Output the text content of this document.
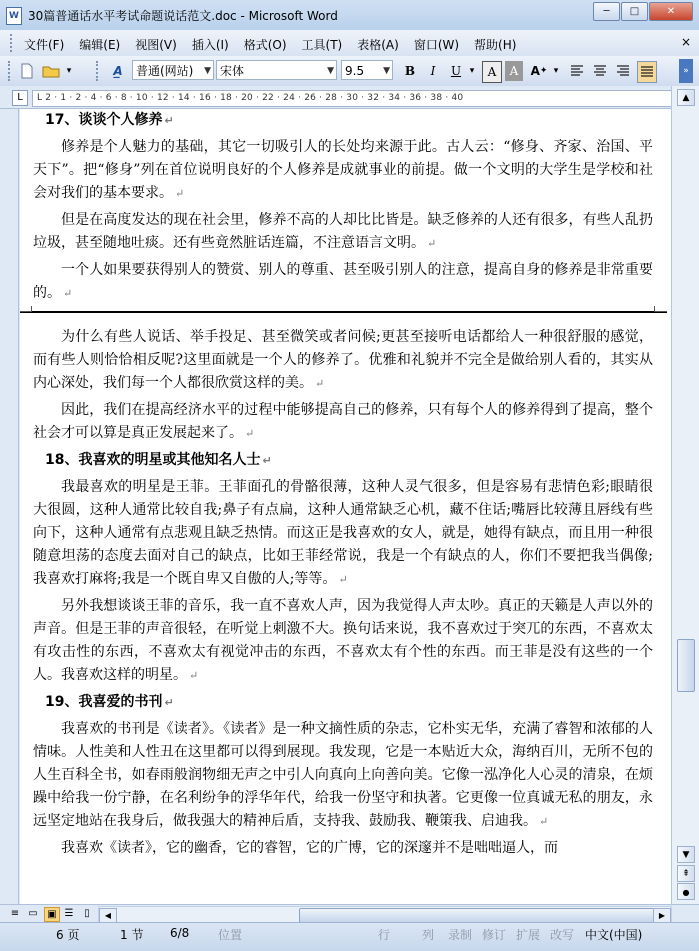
W 30篇普通话水平考试命题说话范文.doc - Microsoft Word	─	□	✕
文件(F) 编辑(E) 视图(V) 插入(I) 格式(O) 工具(T) 表格(A) 窗口(W) 帮助(H)	×
▾	A̲	普通(网站) ▼ 宋体	▼ 9.5 ▼	B	I	U ▾	A	A	A ✦ ▾	»
L 2 · 1 · 2 · 4 · 6 · 8 · 10 · 12 · 14 · 16 · 18 · 20 · 22 · 24 · 26 · 28 · 30 · 32 · 34 · 36 · 38 · 40
L
17、谈谈个人修养 ↵

修养是个人魅力的基础，其它一切吸引人的长处均来源于此。古人云：“修身、齐家、治国、平天下”。把“修身”列在首位说明良好的个人修养是成就事业的前提。做一个文明的大学生是学校和社会对我们的基本要求。 ↵

但是在高度发达的现在社会里，修养不高的人却比比皆是。缺乏修养的人还有很多，有些人乱扔垃圾，甚至随地吐痰。还有些竟然脏话连篇，不注意语言文明。 ↵

一个人如果要获得别人的赞赏、别人的尊重、甚至吸引别人的注意，提高自身的修养是非常重要的。 ↵

为什么有些人说话、举手投足、甚至微笑或者问候;更甚至接听电话都给人一种很舒服的感觉，而有些人则恰恰相反呢?这里面就是一个人的修养了。优雅和礼貌并不完全是做给别人看的，其实从内心深处，我们每一个人都很欣赏这样的美。 ↵

因此，我们在提高经济水平的过程中能够提高自己的修养，只有每个人的修养得到了提高，整个社会才可以算是真正发展起来了。 ↵

18、我喜欢的明星或其他知名人士 ↵

我最喜欢的明星是王菲。王菲面孔的骨骼很薄，这种人灵气很多，但是容易有悲情色彩;眼睛很大很圆，这种人通常比较自我;鼻子有点扁，这种人通常缺乏心机，藏不住话;嘴唇比较薄且唇线有些向下，这种人通常有点悲观且缺乏热情。而这正是我喜欢的女人，就是，她得有缺点，而且用一种很随意坦荡的态度去面对自己的缺点，比如王菲经常说，我是一个有缺点的人，你们不要把我当偶像;我喜欢打麻将;我是一个既自卑又自傲的人;等等。 ↵

另外我想谈谈王菲的音乐，我一直不喜欢人声，因为我觉得人声太吵。真正的天籁是人声以外的声音。但是王菲的声音很轻，在听觉上刺激不大。换句话来说，我不喜欢过于突兀的东西，不喜欢太有攻击性的东西，不喜欢太有视觉冲击的东西，不喜欢太有个性的东西。而王菲是没有这些的一个人。我喜欢这样的明星。 ↵

19、我喜爱的书刊 ↵

我喜欢的书刊是《读者》。《读者》是一种文摘性质的杂志，它朴实无华，充满了睿智和浓郁的人情味。人性美和人性丑在这里都可以得到展现。我发现，它是一本贴近大众，海纳百川，无所不包的人生百科全书，如春雨般润物细无声之中引人向真向上向善向美。它像一泓净化人心灵的清泉，在烦躁中给我一份宁静，在名利纷争的浮华年代，给我一份坚守和执著。它更像一位真诚无私的朋友，永远坚定地站在我身后，做我强大的精神后盾，支持我、鼓励我、鞭策我、启迪我。 ↵

我喜欢《读者》，它的幽香，它的睿智，它的广博，它的深邃并不是咄咄逼人，而

▲
▼
⇞
●
≡ ▭ ▣ ☰	▯	◀	▶
6 页	1 节 6/8 位置	行	列 录制 修订 扩展 改写 中文(中国)
